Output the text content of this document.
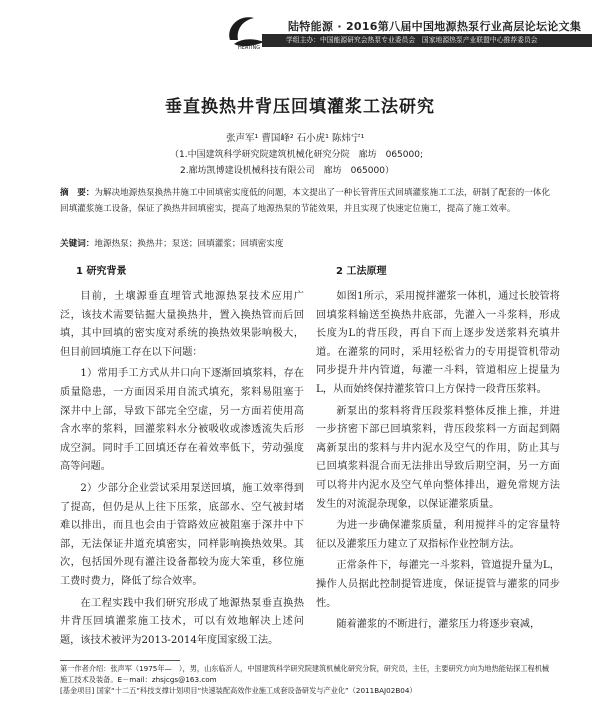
HEATING
陆特能源 · 2016第八届中国地源热泵行业高层论坛论文集
学组主办：中国能源研究会热泵专业委员会　国家地源热泵产业联盟中心推荐委员会
垂直换热井背压回填灌浆工法研究
张声军¹ 曹国峰² 石小虎¹ 陈炜宁¹
（1.中国建筑科学研究院建筑机械化研究分院　廊坊　065000;
2.廊坊凯博建设机械科技有限公司　廊坊　065000）
摘　要：为解决地源热泵换热井施工中回填密实度低的问题，本文提出了一种长管背压式回填灌浆施工工法，研制了配套的一体化回填灌浆施工设备，保证了换热井回填密实，提高了地源热泵的节能效果，并且实现了快速定位施工，提高了施工效率。
关键词：地源热泵；换热井；泵送；回填灌浆；回填密实度
1 研究背景	2 工法原理

目前，土壤源垂直埋管式地源热泵技术应用广泛，该技术需要钻掘大量换热井，置入换热管而后回填，其中回填的密实度对系统的换热效果影响极大，但目前回填施工存在以下问题：

1）常用手工方式从井口向下逐渐回填浆料，存在质量隐患，一方面因采用自流式填充，浆料易阻塞于深井中上部，导致下部完全空虚，另一方面若使用高含水率的浆料，回灌浆料水分被吸收或渗透流失后形成空洞。同时手工回填还存在着效率低下，劳动强度高等问题。

2）少部分企业尝试采用泵送回填，施工效率得到了提高，但仍是从上往下压浆，底部水、空气被封堵难以排出，而且也会由于管路效应被阻塞于深井中下部，无法保证井道充填密实，同样影响换热效果。其次，包括国外现有灌注设备都较为庞大笨重，移位施工费时费力，降低了综合效率。

在工程实践中我们研究形成了地源热泵垂直换热井背压回填灌浆施工技术，可以有效地解决上述问题，该技术被评为2013-2014年度国家级工法。

如图1所示，采用搅拌灌浆一体机，通过长胶管将回填浆料输送至换热井底部，先灌入一斗浆料，形成长度为L的背压段，再自下而上逐步发送浆料充填井道。在灌浆的同时，采用轻松省力的专用提管机带动同步提升井内管道，每灌一斗料，管道相应上提量为L，从而始终保持灌浆管口上方保持一段背压浆料。

新泵出的浆料将背压段浆料整体反推上推，并进一步挤密下部已回填浆料，背压段浆料一方面起到隔离新泵出的浆料与井内泥水及空气的作用，防止其与已回填浆料混合而无法排出导致后期空洞，另一方面可以将井内泥水及空气单向整体排出，避免常规方法发生的对流混杂现象，以保证灌浆质量。

为进一步确保灌浆质量，利用搅拌斗的定容量特征以及灌浆压力建立了双指标作业控制方法。

正常条件下，每灌完一斗浆料，管道提升量为L，操作人员据此控制提管进度，保证提管与灌浆的同步性。

随着灌浆的不断进行，灌浆压力将逐步衰减，

第一作者介绍：张声军（1975年—　），男，山东临沂人，中国建筑科学研究院建筑机械化研究分院，研究员，主任，主要研究方向为地热能钻探工程机械施工技术及装备。E－mail：zhsjcgs@163.com

[基金项目] 国家“十二五”科技支撑计划项目“快速装配高效作业施工成套设备研发与产业化”（2011BAJ02B04）
